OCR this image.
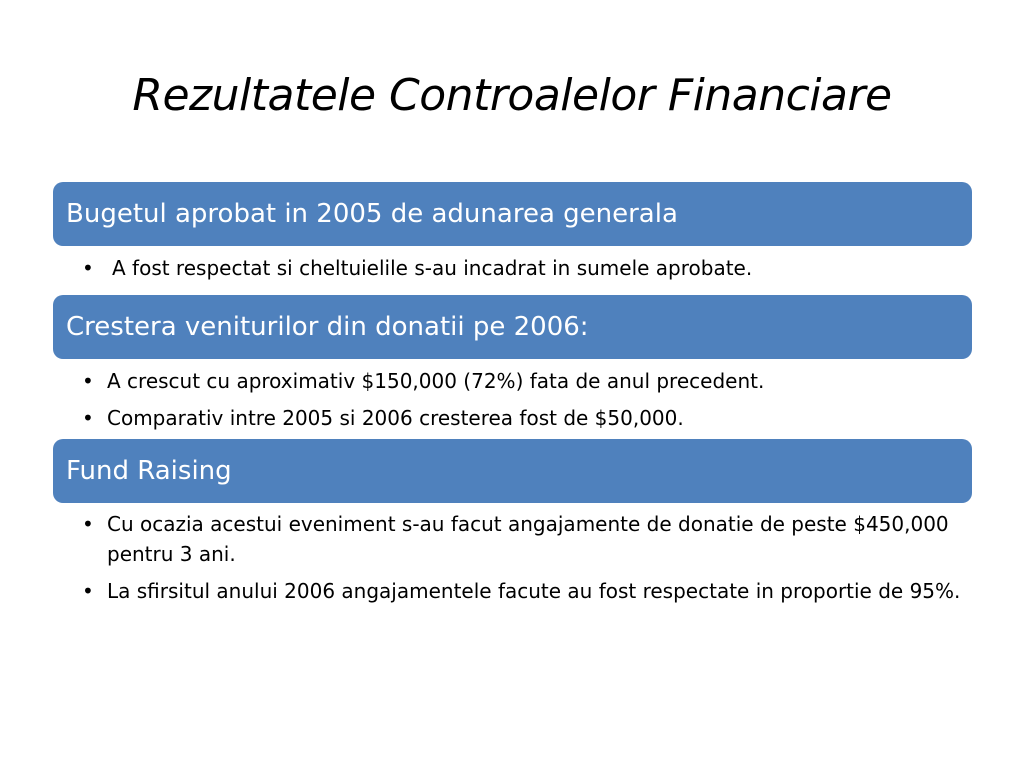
Rezultatele Controalelor Financiare
Bugetul aprobat in 2005 de adunarea generala
• A fost respectat si cheltuielile s-au incadrat in sumele aprobate.
Crestera veniturilor din donatii pe 2006:
• A crescut cu aproximativ $150,000 (72%) fata de anul precedent.
• Comparativ intre 2005 si 2006 cresterea fost de $50,000.
Fund Raising
• Cu ocazia acestui eveniment s-au facut angajamente de donatie de peste $450,000 pentru 3 ani.
• La sfirsitul anului 2006 angajamentele facute au fost respectate in proportie de 95%.
